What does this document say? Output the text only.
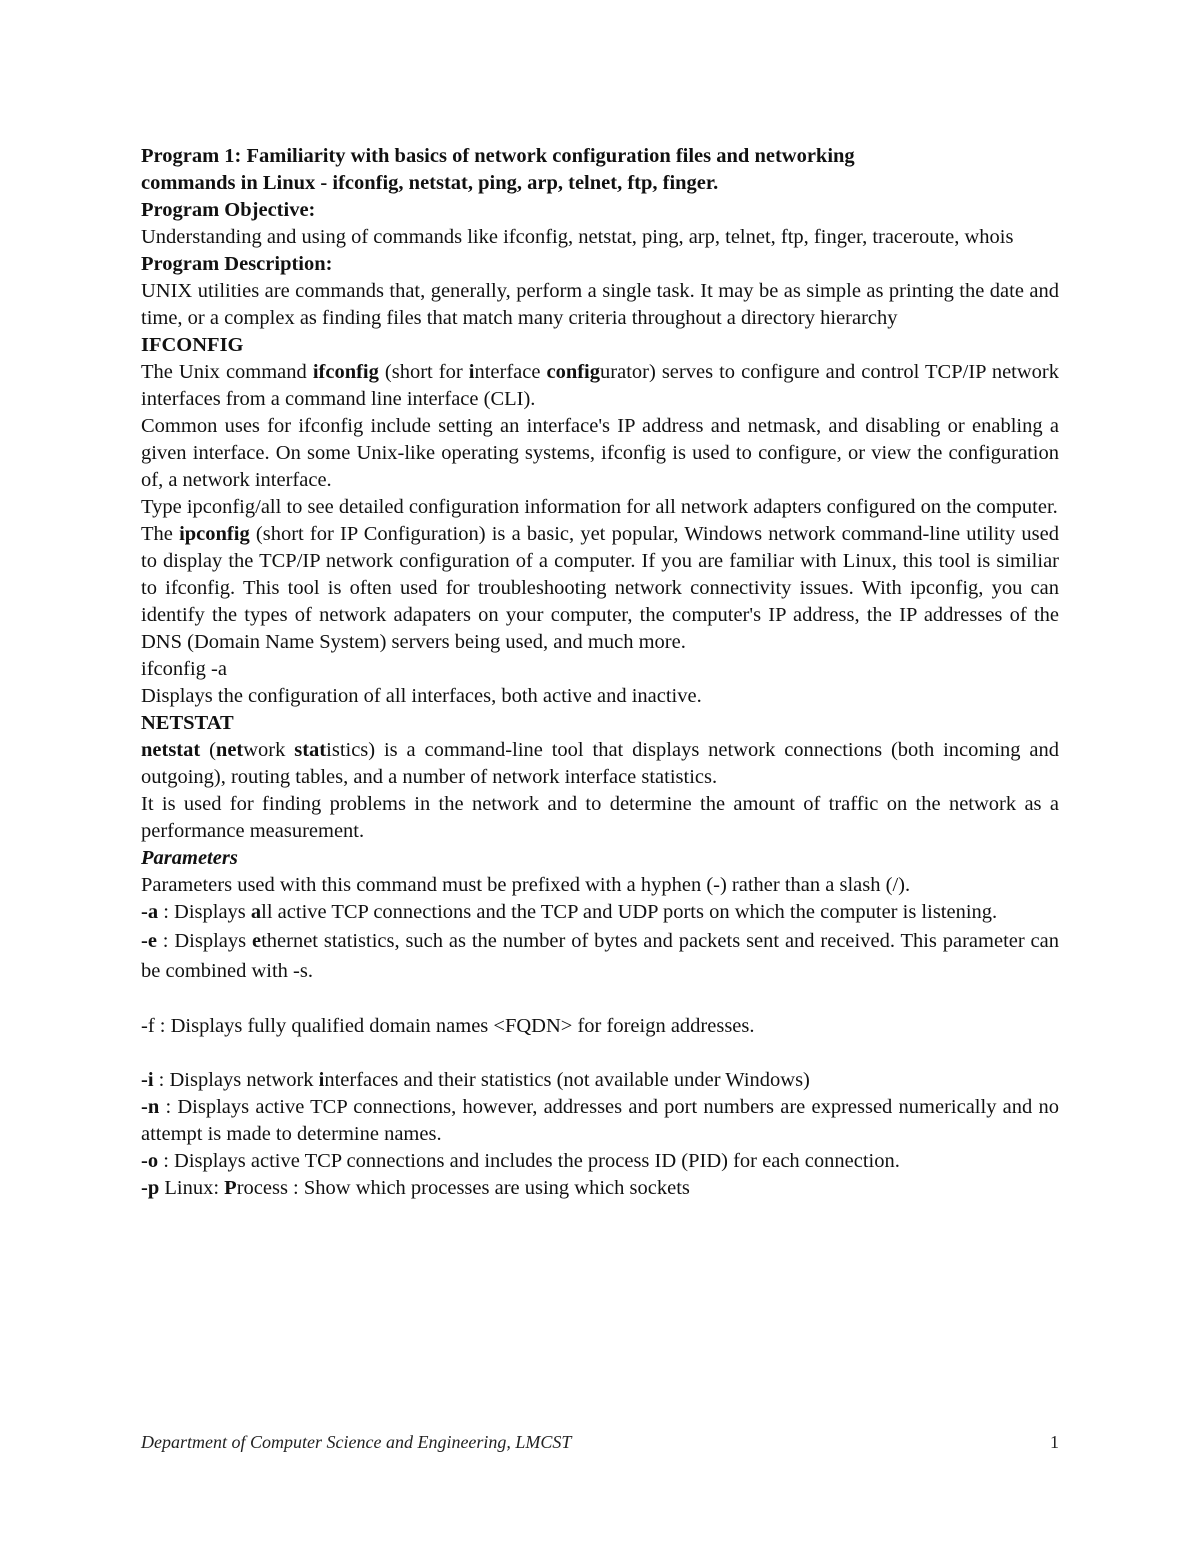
Program 1: Familiarity with basics of network configuration files and networking
commands in Linux - ifconfig, netstat, ping, arp, telnet, ftp, finger.

Program Objective:

Understanding and using of commands like ifconfig, netstat, ping, arp, telnet, ftp, finger, traceroute, whois

Program Description:

UNIX utilities are commands that, generally, perform a single task. It may be as simple as printing the date and time, or a complex as finding files that match many criteria throughout a directory hierarchy

IFCONFIG

The Unix command ifconfig (short for interface configurator) serves to configure and control TCP/IP network interfaces from a command line interface (CLI).

Common uses for ifconfig include setting an interface's IP address and netmask, and disabling or enabling a given interface. On some Unix-like operating systems, ifconfig is used to configure, or view the configuration of, a network interface.

Type ipconfig/all to see detailed configuration information for all network adapters configured on the computer.

The ipconfig (short for IP Configuration) is a basic, yet popular, Windows network command-line utility used to display the TCP/IP network configuration of a computer. If you are familiar with Linux, this tool is similiar to ifconfig. This tool is often used for troubleshooting network connectivity issues. With ipconfig, you can identify the types of network adapaters on your computer, the computer's IP address, the IP addresses of the DNS (Domain Name System) servers being used, and much more.

ifconfig -a

Displays the configuration of all interfaces, both active and inactive.

NETSTAT

netstat (network statistics) is a command-line tool that displays network connections (both incoming and outgoing), routing tables, and a number of network interface statistics.

It is used for finding problems in the network and to determine the amount of traffic on the network as a performance measurement.

Parameters

Parameters used with this command must be prefixed with a hyphen (-) rather than a slash (/).

-a : Displays all active TCP connections and the TCP and UDP ports on which the computer is listening.

-e : Displays ethernet statistics, such as the number of bytes and packets sent and received. This parameter can be combined with -s.

-f : Displays fully qualified domain names <FQDN> for foreign addresses.

-i : Displays network interfaces and their statistics (not available under Windows)

-n : Displays active TCP connections, however, addresses and port numbers are expressed numerically and no attempt is made to determine names.

-o : Displays active TCP connections and includes the process ID (PID) for each connection.

-p Linux: Process : Show which processes are using which sockets

Department of Computer Science and Engineering, LMCST	1
